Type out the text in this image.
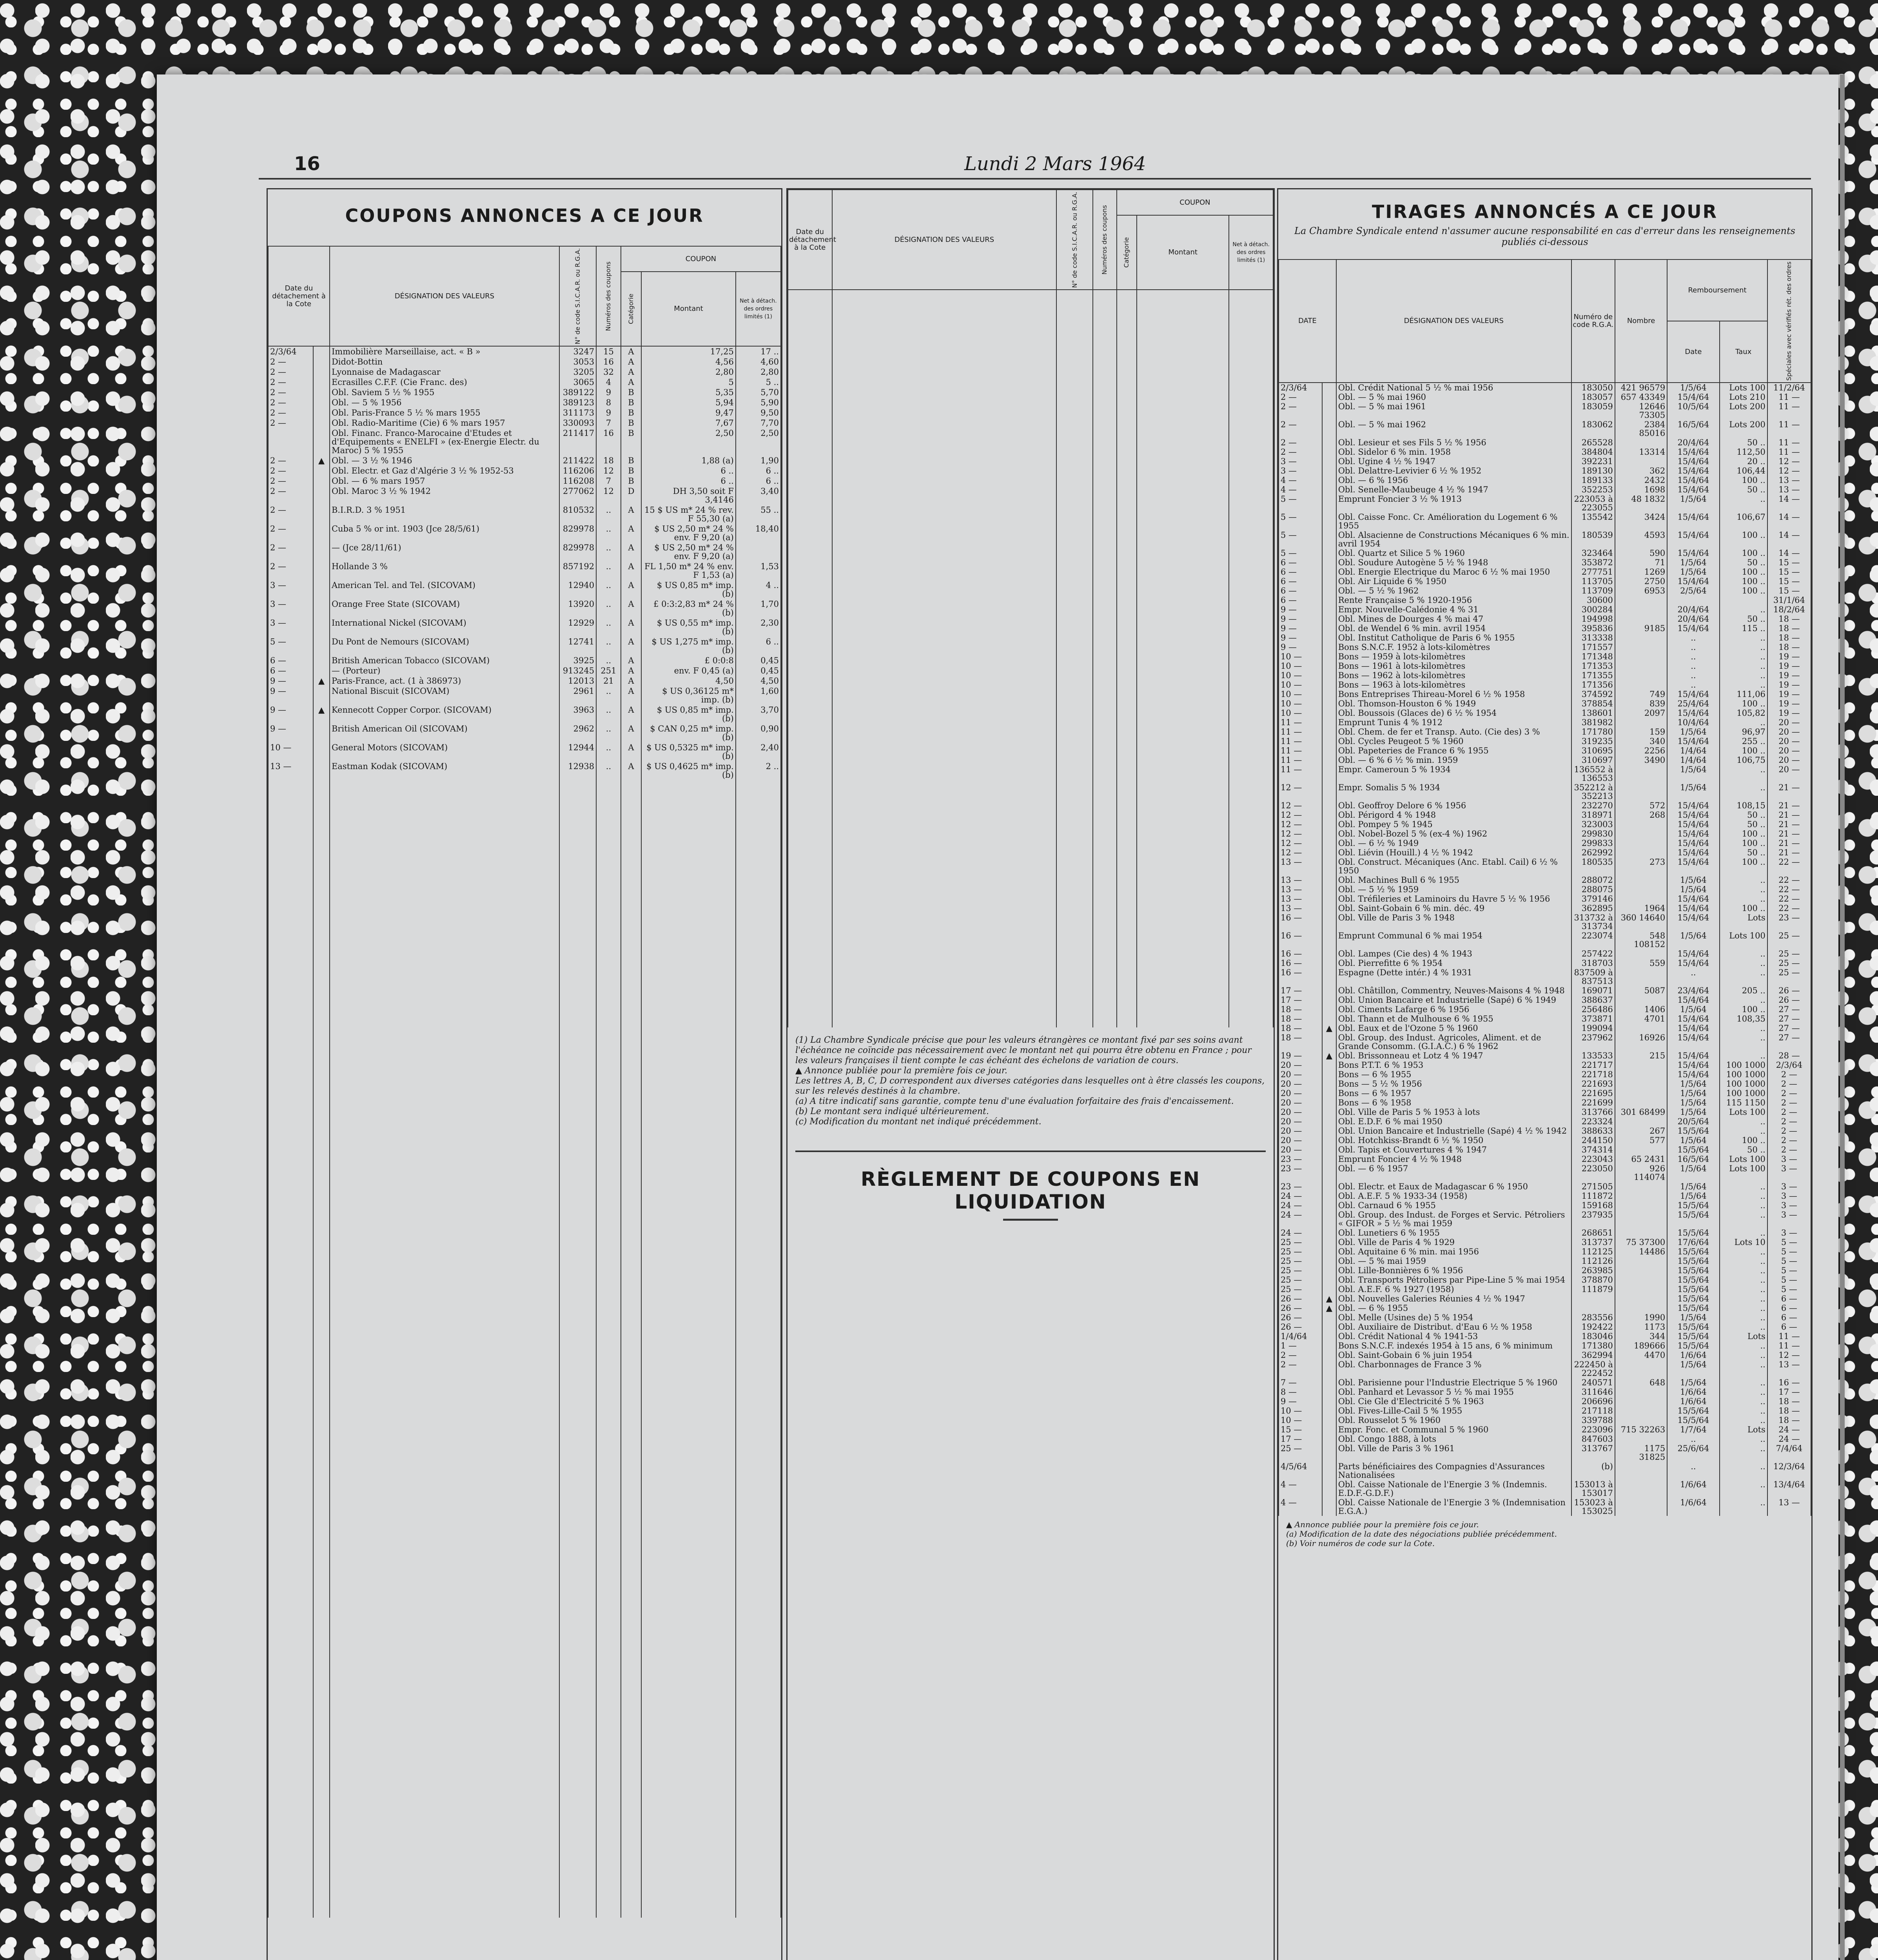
16	Lundi 2 Mars 1964
COUPONS ANNONCES A CE JOUR
Date du détachement à la Cote		DÉSIGNATION DES VALEURS	N° de code S.I.C.A.R. ou R.G.A.	Numéros des coupons	COUPON		

					Catégorie	Montant	Net à détach. des ordres limités (1)
2/3/64		Immobilière Marseillaise, act. « B »	3247	15	A	17,25	17 ..
2 —		Didot-Bottin	3053	16	A	4,56	4,60
2 —		Lyonnaise de Madagascar	3205	32	A	2,80	2,80
2 —		Ecrasilles C.F.F. (Cie Franc. des)	3065	4	A	5	5 ..
2 —		Obl. Saviem 5 ½ % 1955	389122	9	B	5,35	5,70
2 —		Obl. — 5 % 1956	389123	8	B	5,94	5,90
2 —		Obl. Paris-France 5 ½ % mars 1955	311173	9	B	9,47	9,50
2 —		Obl. Radio-Maritime (Cie) 6 % mars 1957	330093	7	B	7,67	7,70
		Obl. Financ. Franco-Marocaine d'Etudes et d'Equipements « ENELFI » (ex-Energie Electr. du Maroc) 5 % 1955	211417	16	B	2,50	2,50
2 —	▲	Obl. — 3 ½ % 1946	211422	18	B	1,88 (a)	1,90
2 —		Obl. Electr. et Gaz d'Algérie 3 ½ % 1952-53	116206	12	B	6 ..	6 ..
2 —		Obl. — 6 % mars 1957	116208	7	B	6 ..	6 ..
2 —		Obl. Maroc 3 ½ % 1942	277062	12	D	DH 3,50 soit F 3,4146	3,40
2 —		B.I.R.D. 3 % 1951	810532	..	A	15 $ US m* 24 % rev. F 55,30 (a)	55 ..
2 —		Cuba 5 % or int. 1903 (Jce 28/5/61)	829978	..	A	$ US 2,50 m* 24 % env. F 9,20 (a)	18,40
2 —		— (Jce 28/11/61)	829978	..	A	$ US 2,50 m* 24 % env. F 9,20 (a)	
2 —		Hollande 3 %	857192	..	A	FL 1,50 m* 24 % env. F 1,53 (a)	1,53
3 —		American Tel. and Tel. (SICOVAM)	12940	..	A	$ US 0,85 m* imp. (b)	4 ..
3 —		Orange Free State (SICOVAM)	13920	..	A	£ 0:3:2,83 m* 24 % (b)	1,70
3 —		International Nickel (SICOVAM)	12929	..	A	$ US 0,55 m* imp. (b)	2,30
5 —		Du Pont de Nemours (SICOVAM)	12741	..	A	$ US 1,275 m* imp. (b)	6 ..
6 —		British American Tobacco (SICOVAM)	3925	..	A	£ 0:0:8	0,45
6 —		— (Porteur)	913245	251	A	env. F 0,45 (a)	0,45
9 —	▲	Paris-France, act. (1 à 386973)	12013	21	A	4,50	4,50
9 —		National Biscuit (SICOVAM)	2961	..	A	$ US 0,36125 m* imp. (b)	1,60
9 —	▲	Kennecott Copper Corpor. (SICOVAM)	3963	..	A	$ US 0,85 m* imp. (b)	3,70
9 —		British American Oil (SICOVAM)	2962	..	A	$ CAN 0,25 m* imp. (b)	0,90
10 —		General Motors (SICOVAM)	12944	..	A	$ US 0,5325 m* imp. (b)	2,40
13 —		Eastman Kodak (SICOVAM)	12938	..	A	$ US 0,4625 m* imp. (b)	2 ..

Date du détachement à la Cote	DÉSIGNATION DES VALEURS	N° de code S.I.C.A.R. ou R.G.A.	Numéros des coupons	COUPON		

				Catégorie	Montant	Net à détach. des ordres limités (1)

(1) La Chambre Syndicale précise que pour les valeurs étrangères ce montant fixé par ses soins avant l'échéance ne coïncide pas nécessairement avec le montant net qui pourra être obtenu en France ; pour les valeurs françaises il tient compte le cas échéant des échelons de variation de cours.
▲ Annonce publiée pour la première fois ce jour.
Les lettres A, B, C, D correspondent aux diverses catégories dans lesquelles ont à être classés les coupons, sur les relevés destinés à la chambre.
(a) A titre indicatif sans garantie, compte tenu d'une évaluation forfaitaire des frais d'encaissement.
(b) Le montant sera indiqué ultérieurement.
(c) Modification du montant net indiqué précédemment.
RÈGLEMENT DE COUPONS EN LIQUIDATION
TIRAGES ANNONCÉS A CE JOUR
La Chambre Syndicale entend n'assumer aucune responsabilité en cas d'erreur dans les renseignements publiés ci-dessous
DATE		DÉSIGNATION DES VALEURS	Numéro de code R.G.A.	Nombre	Remboursement		Spéciales avec vérifiés rét. des ordres

					Date	Taux	
2/3/64		Obl. Crédit National 5 ½ % mai 1956	183050	421 96579	1/5/64	Lots 100	11/2/64
2 —		Obl. — 5 % mai 1960	183057	657 43349	15/4/64	Lots 210	11 —
2 —		Obl. — 5 % mai 1961	183059	12646 73305	10/5/64	Lots 200	11 —
2 —		Obl. — 5 % mai 1962	183062	2384 85016	16/5/64	Lots 200	11 —
2 —		Obl. Lesieur et ses Fils 5 ½ % 1956	265528		20/4/64	50 ..	11 —
2 —		Obl. Sidelor 6 % min. 1958	384804	13314	15/4/64	112,50	11 —
3 —		Obl. Ugine 4 ½ % 1947	392231		15/4/64	20 ..	12 —
3 —		Obl. Delattre-Levivier 6 ½ % 1952	189130	362	15/4/64	106,44	12 —
4 —		Obl. — 6 % 1956	189133	2432	15/4/64	100 ..	13 —
4 —		Obl. Senelle-Maubeuge 4 ½ % 1947	352253	1698	15/4/64	50 ..	13 —
5 —		Emprunt Foncier 3 ½ % 1913	223053 à 223055	48 1832	1/5/64	..	14 —
5 —		Obl. Caisse Fonc. Cr. Amélioration du Logement 6 % 1955	135542	3424	15/4/64	106,67	14 —
5 —		Obl. Alsacienne de Constructions Mécaniques 6 % min. avril 1954	180539	4593	15/4/64	100 ..	14 —
5 —		Obl. Quartz et Silice 5 % 1960	323464	590	15/4/64	100 ..	14 —
6 —		Obl. Soudure Autogène 5 ½ % 1948	353872	71	1/5/64	50 ..	15 —
6 —		Obl. Energie Electrique du Maroc 6 ½ % mai 1950	277751	1269	1/5/64	100 ..	15 —
6 —		Obl. Air Liquide 6 % 1950	113705	2750	15/4/64	100 ..	15 —
6 —		Obl. — 5 ½ % 1962	113709	6953	2/5/64	100 ..	15 —
6 —		Rente Française 5 % 1920-1956	30600				31/1/64
9 —		Empr. Nouvelle-Calédonie 4 % 31	300284		20/4/64	..	18/2/64
9 —		Obl. Mines de Dourges 4 % mai 47	194998		20/4/64	50 ..	18 —
9 —		Obl. de Wendel 6 % min. avril 1954	395836	9185	15/4/64	115 ..	18 —
9 —		Obl. Institut Catholique de Paris 6 % 1955	313338		..	..	18 —
9 —		Bons S.N.C.F. 1952 à lots-kilomètres	171557		..	..	18 —
10 —		Bons — 1959 à lots-kilomètres	171348		..	..	19 —
10 —		Bons — 1961 à lots-kilomètres	171353		..	..	19 —
10 —		Bons — 1962 à lots-kilomètres	171355		..	..	19 —
10 —		Bons — 1963 à lots-kilomètres	171356		..	..	19 —
10 —		Bons Entreprises Thireau-Morel 6 ½ % 1958	374592	749	15/4/64	111,06	19 —
10 —		Obl. Thomson-Houston 6 % 1949	378854	839	25/4/64	100 ..	19 —
10 —		Obl. Boussois (Glaces de) 6 ½ % 1954	138601	2097	15/4/64	105,82	19 —
11 —		Emprunt Tunis 4 % 1912	381982		10/4/64	..	20 —
11 —		Obl. Chem. de fer et Transp. Auto. (Cie des) 3 %	171780	159	1/5/64	96,97	20 —
11 —		Obl. Cycles Peugeot 5 % 1960	319235	340	15/4/64	255 ..	20 —
11 —		Obl. Papeteries de France 6 % 1955	310695	2256	1/4/64	100 ..	20 —
11 —		Obl. — 6 % 6 ½ % min. 1959	310697	3490	1/4/64	106,75	20 —
11 —		Empr. Cameroun 5 % 1934	136552 à 136553		1/5/64	..	20 —
12 —		Empr. Somalis 5 % 1934	352212 à 352213		1/5/64	..	21 —
12 —		Obl. Geoffroy Delore 6 % 1956	232270	572	15/4/64	108,15	21 —
12 —		Obl. Périgord 4 % 1948	318971	268	15/4/64	50 ..	21 —
12 —		Obl. Pompey 5 % 1945	323003		15/4/64	50 ..	21 —
12 —		Obl. Nobel-Bozel 5 % (ex-4 %) 1962	299830		15/4/64	100 ..	21 —
12 —		Obl. — 6 ½ % 1949	299833		15/4/64	100 ..	21 —
12 —		Obl. Liévin (Houill.) 4 ½ % 1942	262992		15/4/64	50 ..	21 —
13 —		Obl. Construct. Mécaniques (Anc. Etabl. Cail) 6 ½ % 1950	180535	273	15/4/64	100 ..	22 —
13 —		Obl. Machines Bull 6 % 1955	288072		1/5/64	..	22 —
13 —		Obl. — 5 ½ % 1959	288075		1/5/64	..	22 —
13 —		Obl. Tréfileries et Laminoirs du Havre 5 ½ % 1956	379146		15/4/64	..	22 —
13 —		Obl. Saint-Gobain 6 % min. déc. 49	362895	1964	15/4/64	100 ..	22 —
16 —		Obl. Ville de Paris 3 % 1948	313732 à 313734	360 14640	15/4/64	Lots	23 —
16 —		Emprunt Communal 6 % mai 1954	223074	548 108152	1/5/64	Lots 100	25 —
16 —		Obl. Lampes (Cie des) 4 % 1943	257422		15/4/64	..	25 —
16 —		Obl. Pierrefitte 6 % 1954	318703	559	15/4/64	..	25 —
16 —		Espagne (Dette intér.) 4 % 1931	837509 à 837513		..	..	25 —
17 —		Obl. Châtillon, Commentry, Neuves-Maisons 4 % 1948	169071	5087	23/4/64	205 ..	26 —
17 —		Obl. Union Bancaire et Industrielle (Sapé) 6 % 1949	388637		15/4/64	..	26 —
18 —		Obl. Ciments Lafarge 6 % 1956	256486	1406	1/5/64	100 ..	27 —
18 —		Obl. Thann et de Mulhouse 6 % 1955	373871	4701	15/4/64	108,35	27 —
18 —	▲	Obl. Eaux et de l'Ozone 5 % 1960	199094		15/4/64	..	27 —
18 —		Obl. Group. des Indust. Agricoles, Aliment. et de Grande Consomm. (G.I.A.C.) 6 % 1962	237962	16926	15/4/64	..	27 —
19 —	▲	Obl. Brissonneau et Lotz 4 % 1947	133533	215	15/4/64	..	28 —
20 —		Bons P.T.T. 6 % 1953	221717		15/4/64	100 1000	2/3/64
20 —		Bons — 6 % 1955	221718		15/4/64	100 1000	2 —
20 —		Bons — 5 ½ % 1956	221693		1/5/64	100 1000	2 —
20 —		Bons — 6 % 1957	221695		1/5/64	100 1000	2 —
20 —		Bons — 6 % 1958	221699		1/5/64	115 1150	2 —
20 —		Obl. Ville de Paris 5 % 1953 à lots	313766	301 68499	1/5/64	Lots 100	2 —
20 —		Obl. E.D.F. 6 % mai 1950	223324		20/5/64	..	2 —
20 —		Obl. Union Bancaire et Industrielle (Sapé) 4 ½ % 1942	388633	267	15/5/64	..	2 —
20 —		Obl. Hotchkiss-Brandt 6 ½ % 1950	244150	577	1/5/64	100 ..	2 —
20 —		Obl. Tapis et Couvertures 4 % 1947	374314		15/5/64	50 ..	2 —
23 —		Emprunt Foncier 4 ½ % 1948	223043	65 2431	16/5/64	Lots 100	3 —
23 —		Obl. — 6 % 1957	223050	926 114074	1/5/64	Lots 100	3 —
23 —		Obl. Electr. et Eaux de Madagascar 6 % 1950	271505		1/5/64	..	3 —
24 —		Obl. A.E.F. 5 % 1933-34 (1958)	111872		1/5/64	..	3 —
24 —		Obl. Carnaud 6 % 1955	159168		15/5/64	..	3 —
24 —		Obl. Group. des Indust. de Forges et Servic. Pétroliers « GIFOR » 5 ½ % mai 1959	237935		15/5/64	..	3 —
24 —		Obl. Lunetiers 6 % 1955	268651		15/5/64	..	3 —
25 —		Obl. Ville de Paris 4 % 1929	313737	75 37300	17/6/64	Lots 10	5 —
25 —		Obl. Aquitaine 6 % min. mai 1956	112125	14486	15/5/64	..	5 —
25 —		Obl. — 5 % mai 1959	112126		15/5/64	..	5 —
25 —		Obl. Lille-Bonnières 6 % 1956	263985		15/5/64	..	5 —
25 —		Obl. Transports Pétroliers par Pipe-Line 5 % mai 1954	378870		15/5/64	..	5 —
25 —		Obl. A.E.F. 6 % 1927 (1958)	111879		15/5/64	..	5 —
26 —	▲	Obl. Nouvelles Galeries Réunies 4 ½ % 1947			15/5/64	..	6 —
26 —	▲	Obl. — 6 % 1955			15/5/64	..	6 —
26 —		Obl. Melle (Usines de) 5 % 1954	283556	1990	1/5/64	..	6 —
26 —		Obl. Auxiliaire de Distribut. d'Eau 6 ½ % 1958	192422	1173	15/5/64	..	6 —
1/4/64		Obl. Crédit National 4 % 1941-53	183046	344	15/5/64	Lots	11 —
1 —		Bons S.N.C.F. indexés 1954 à 15 ans, 6 % minimum	171380	189666	15/5/64	..	11 —
2 —		Obl. Saint-Gobain 6 % juin 1954	362994	4470	1/6/64	..	12 —
2 —		Obl. Charbonnages de France 3 %	222450 à 222452		1/5/64	..	13 —
7 —		Obl. Parisienne pour l'Industrie Electrique 5 % 1960	240571	648	1/5/64	..	16 —
8 —		Obl. Panhard et Levassor 5 ½ % mai 1955	311646		1/6/64	..	17 —
9 —		Obl. Cie Gle d'Electricité 5 % 1963	206696		1/6/64	..	18 —
10 —		Obl. Fives-Lille-Cail 5 % 1955	217118		15/5/64	..	18 —
10 —		Obl. Rousselot 5 % 1960	339788		15/5/64	..	18 —
15 —		Empr. Fonc. et Communal 5 % 1960	223096	715 32263	1/7/64	Lots	24 —
17 —		Obl. Congo 1888, à lots	847603		..	..	24 —
25 —		Obl. Ville de Paris 3 % 1961	313767	1175 31825	25/6/64	..	7/4/64
4/5/64		Parts bénéficiaires des Compagnies d'Assurances Nationalisées	(b)		..	..	12/3/64
4 —		Obl. Caisse Nationale de l'Energie 3 % (Indemnis. E.D.F.-G.D.F.)	153013 à 153017		1/6/64	..	13/4/64
4 —		Obl. Caisse Nationale de l'Energie 3 % (Indemnisation E.G.A.)	153023 à 153025		1/6/64	..	13 —
▲ Annonce publiée pour la première fois ce jour.
(a) Modification de la date des négociations publiée précédemment.
(b) Voir numéros de code sur la Cote.
